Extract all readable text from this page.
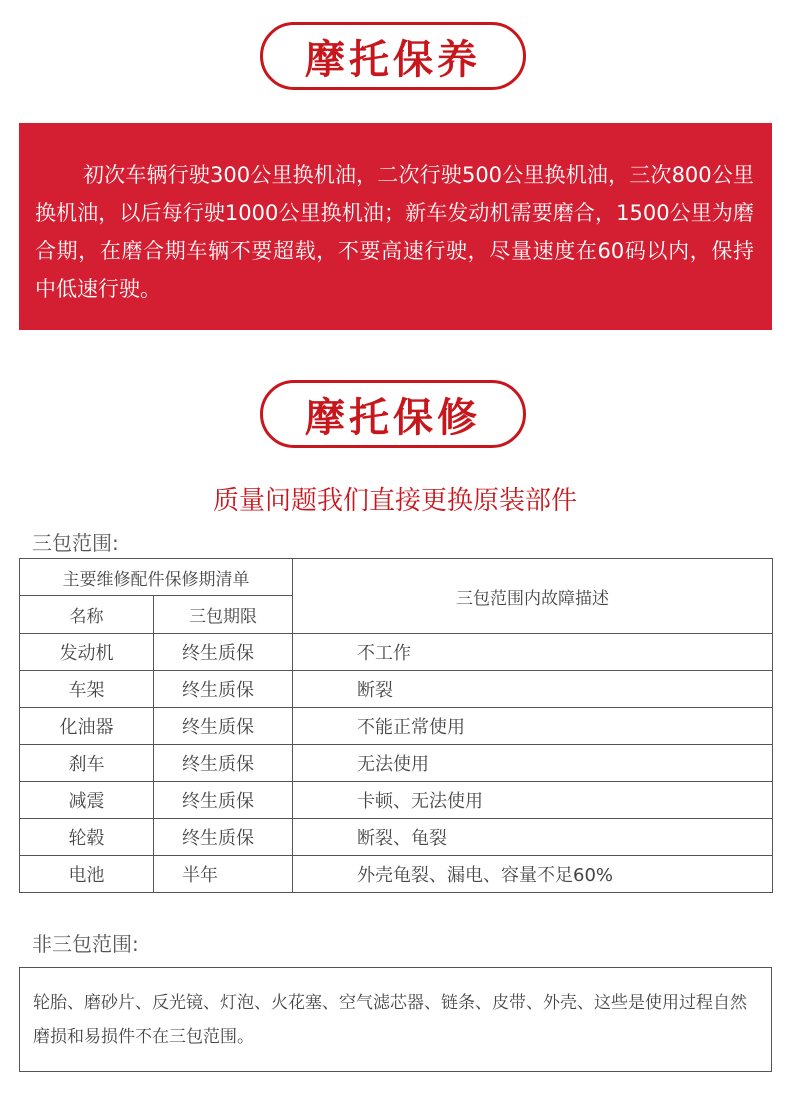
摩托保养
初次车辆行驶300公里换机油，二次行驶500公里换机油，三次800公里换机油，以后每行驶1000公里换机油；新车发动机需要磨合，1500公里为磨合期，在磨合期车辆不要超载，不要高速行驶，尽量速度在60码以内，保持中低速行驶。
摩托保修
质量问题我们直接更换原装部件
三包范围:
主要维修配件保修期清单		三包范围内故障描述
名称	三包期限	
发动机	终生质保	不工作
车架	终生质保	断裂
化油器	终生质保	不能正常使用
刹车	终生质保	无法使用
减震	终生质保	卡顿、无法使用
轮毂	终生质保	断裂、龟裂
电池	半年	外壳龟裂、漏电、容量不足60%
非三包范围:
轮胎、磨砂片、反光镜、灯泡、火花塞、空气滤芯器、链条、皮带、外壳、这些是使用过程自然磨损和易损件不在三包范围。
